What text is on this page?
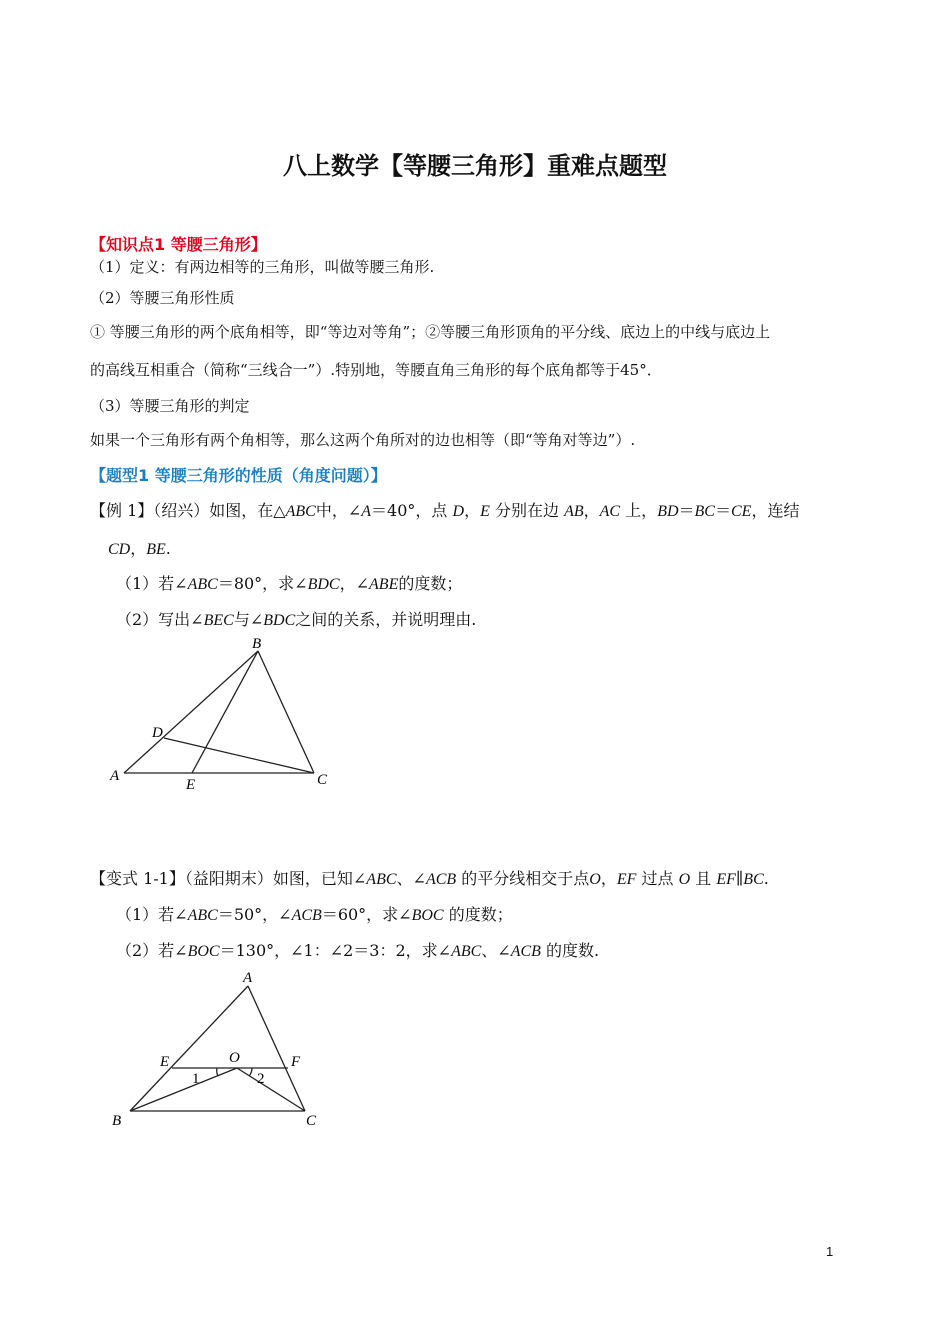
八上数学【等腰三角形】重难点题型
【知识点1 等腰三角形】
（1）定义：有两边相等的三角形，叫做等腰三角形.
（2）等腰三角形性质
① 等腰三角形的两个底角相等，即“等边对等角”；②等腰三角形顶角的平分线、底边上的中线与底边上
的高线互相重合（简称“三线合一”）.特别地，等腰直角三角形的每个底角都等于45°．
（3）等腰三角形的判定
如果一个三角形有两个角相等，那么这两个角所对的边也相等（即“等角对等边”）.
【题型1 等腰三角形的性质（角度问题）】
【例 1】（绍兴）如图，在△ABC中，∠A＝40°，点 D，E 分别在边 AB，AC 上，BD＝BC＝CE，连结
CD，BE.
（1）若∠ABC＝80°，求∠BDC，∠ABE的度数；
（2）写出∠BEC与∠BDC之间的关系，并说明理由.
B
D
A
E	C
【变式 1-1】（益阳期末）如图，已知∠ABC、∠ACB 的平分线相交于点O，EF 过点 O 且 EF∥BC.
（1）若∠ABC＝50°，∠ACB＝60°，求∠BOC 的度数；
（2）若∠BOC＝130°，∠1：∠2＝3：2，求∠ABC、∠ACB 的度数.
A
E	O	F
1	2
B	C
1
